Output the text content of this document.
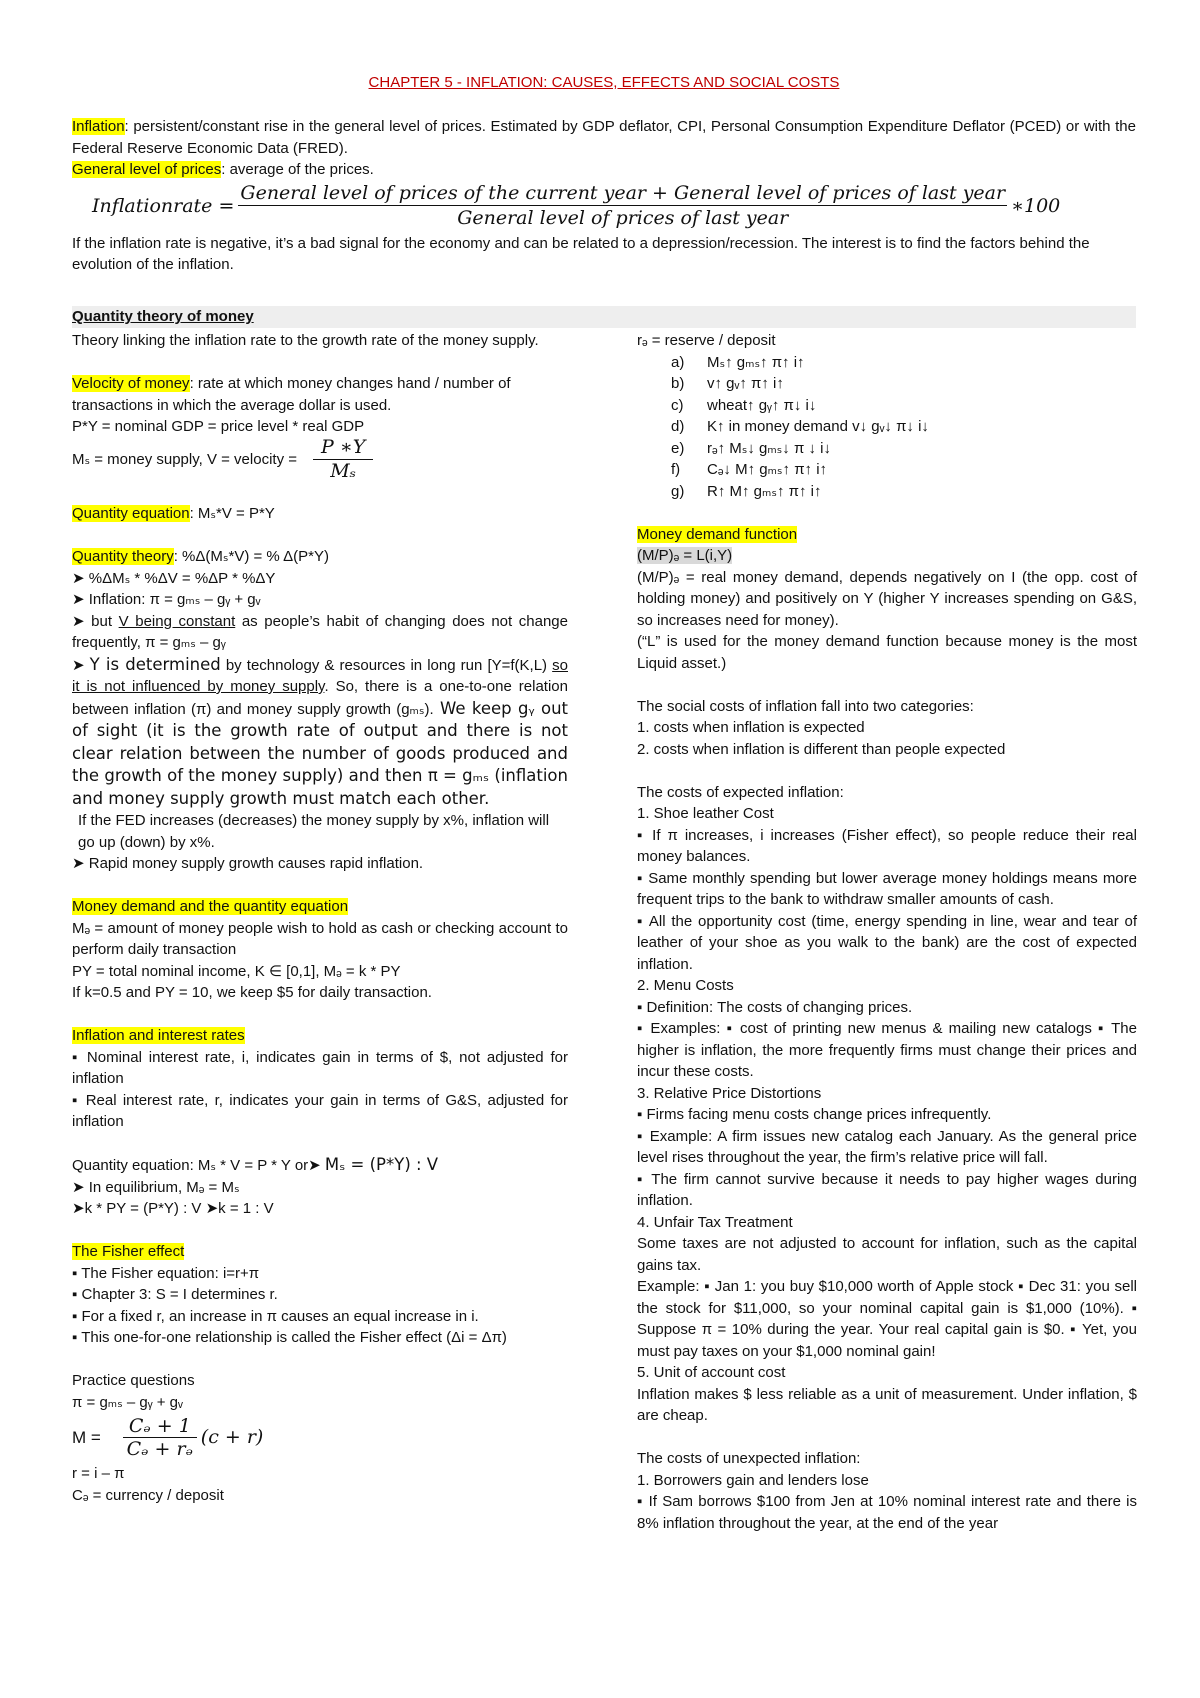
CHAPTER 5 - INFLATION: CAUSES, EFFECTS AND SOCIAL COSTS

Inflation: persistent/constant rise in the general level of prices. Estimated by GDP deflator, CPI, Personal Consumption Expenditure Deflator (PCED) or with the Federal Reserve Economic Data (FRED).

General level of prices: average of the prices.

Inflationrate =
General level of prices of the current year + General level of prices of last year
General level of prices of last year
∗100

If the inflation rate is negative, it’s a bad signal for the economy and can be related to a depression/recession. The interest is to find the factors behind the evolution of the inflation.

Quantity theory of money

Theory linking the inflation rate to the growth rate of the money supply.

Velocity of money: rate at which money changes hand / number of transactions in which the average dollar is used.

P*Y = nominal GDP = price level * real GDP

Mₛ = money supply, V = velocity = $\frac{P ∗Y}{\text{Mₛ}}$

Quantity equation: Mₛ*V = P*Y

Quantity theory: %Δ(Mₛ*V) = % Δ(P*Y)

➤ %ΔMₛ * %ΔV = %ΔP * %ΔY

➤ Inflation: π = gₘₛ – gᵧ + gᵥ

➤ but V being constant as people’s habit of changing does not change frequently, π = gₘₛ – gᵧ

➤ Y is determined by technology & resources in long run [Y=f(K,L) so it is not influenced by money supply. So, there is a one-to-one relation between inflation (π) and money supply growth (gₘₛ). We keep gᵧ out of sight (it is the growth rate of output and there is not clear relation between the number of goods produced and the growth of the money supply) and then π = gₘₛ (inflation and money supply growth must match each other.

If the FED increases (decreases) the money supply by x%, inflation will go up (down) by x%.

➤ Rapid money supply growth causes rapid inflation.

Money demand and the quantity equation

Mₔ = amount of money people wish to hold as cash or checking account to perform daily transaction

PY = total nominal income, K ∈ [0,1], Mₔ = k * PY

If k=0.5 and PY = 10, we keep $5 for daily transaction.

Inflation and interest rates

▪ Nominal interest rate, i, indicates gain in terms of $, not adjusted for inflation

▪ Real interest rate, r, indicates your gain in terms of G&S, adjusted for inflation

Quantity equation: Mₛ * V = P * Y or➤ Mₛ = (P*Y) : V

➤ In equilibrium, Mₔ = Mₛ

➤k * PY = (P*Y) : V ➤k = 1 : V

The Fisher effect

▪ The Fisher equation: i=r+π

▪ Chapter 3: S = I determines r.

▪ For a fixed r, an increase in π causes an equal increase in i.

▪ This one-for-one relationship is called the Fisher effect (Δi = Δπ)

Practice questions

π = gₘₛ – gᵧ + gᵥ

$M = \frac{\text{Cₔ + 1}}{\text{Cₔ + rₔ}} (c + r)$

r = i – π

Cₔ = currency / deposit

rₔ = reserve / deposit

a)	Mₛ↑ gₘₛ↑ π↑ i↑

b)	v↑ gᵥ↑ π↑ i↑

c)	wheat↑ gᵧ↑ π↓ i↓

d)	K↑ in money demand v↓ gᵥ↓ π↓ i↓

e)	rₔ↑ Mₛ↓ gₘₛ↓ π ↓ i↓

f)	Cₔ↓ M↑ gₘₛ↑ π↑ i↑

g)	R↑ M↑ gₘₛ↑ π↑ i↑

Money demand function

(M/P)ₔ = L(i,Y)

(M/P)ₔ = real money demand, depends negatively on I (the opp. cost of holding money) and positively on Y (higher Y increases spending on G&S, so increases need for money).

(“L” is used for the money demand function because money is the most Liquid asset.)

The social costs of inflation fall into two categories:

1. costs when inflation is expected

2. costs when inflation is different than people expected

The costs of expected inflation:

1. Shoe leather Cost

▪ If π increases, i increases (Fisher effect), so people reduce their real money balances.

▪ Same monthly spending but lower average money holdings means more frequent trips to the bank to withdraw smaller amounts of cash.

▪ All the opportunity cost (time, energy spending in line, wear and tear of leather of your shoe as you walk to the bank) are the cost of expected inflation.

2. Menu Costs

▪ Definition: The costs of changing prices.

▪ Examples: ▪ cost of printing new menus & mailing new catalogs ▪ The higher is inflation, the more frequently firms must change their prices and incur these costs.

3. Relative Price Distortions

▪ Firms facing menu costs change prices infrequently.

▪ Example: A firm issues new catalog each January. As the general price level rises throughout the year, the firm’s relative price will fall.

▪ The firm cannot survive because it needs to pay higher wages during inflation.

4. Unfair Tax Treatment

Some taxes are not adjusted to account for inflation, such as the capital gains tax.

Example: ▪ Jan 1: you buy $10,000 worth of Apple stock ▪ Dec 31: you sell the stock for $11,000, so your nominal capital gain is $1,000 (10%). ▪ Suppose π = 10% during the year. Your real capital gain is $0. ▪ Yet, you must pay taxes on your $1,000 nominal gain!

5. Unit of account cost

Inflation makes $ less reliable as a unit of measurement. Under inflation, $ are cheap.

The costs of unexpected inflation:

1. Borrowers gain and lenders lose

▪ If Sam borrows $100 from Jen at 10% nominal interest rate and there is 8% inflation throughout the year, at the end of the year
